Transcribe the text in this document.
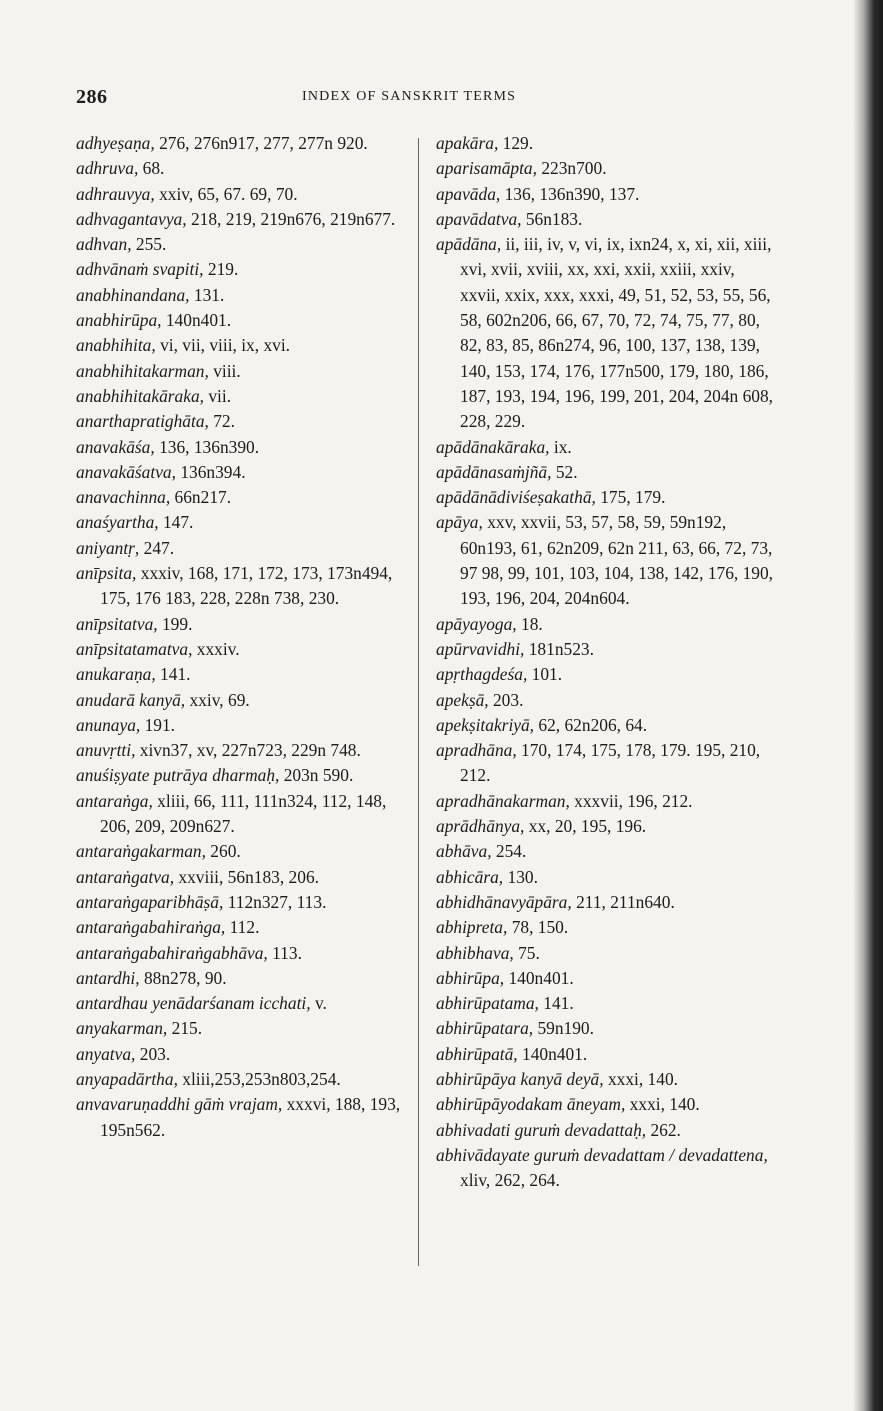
286	INDEX OF SANSKRIT TERMS
adhyeṣaṇa, 276, 276n917, 277, 277n 920.
adhruva, 68.
adhrauvya, xxiv, 65, 67. 69, 70.
adhvagantavya, 218, 219, 219n676, 219n677.
adhvan, 255.
adhvānaṁ svapiti, 219.
anabhinandana, 131.
anabhirūpa, 140n401.
anabhihita, vi, vii, viii, ix, xvi.
anabhihitakarman, viii.
anabhihitakāraka, vii.
anarthapratighāta, 72.
anavakāśa, 136, 136n390.
anavakāśatva, 136n394.
anavachinna, 66n217.
anaśyartha, 147.
aniyantṛ, 247.
anīpsita, xxxiv, 168, 171, 172, 173, 173n494, 175, 176 183, 228, 228n 738, 230.
anīpsitatva, 199.
anīpsitatamatva, xxxiv.
anukaraṇa, 141.
anudarā kanyā, xxiv, 69.
anunaya, 191.
anuvṛtti, xivn37, xv, 227n723, 229n 748.
anuśiṣyate putrāya dharmaḥ, 203n 590.
antaraṅga, xliii, 66, 111, 111n324, 112, 148, 206, 209, 209n627.
antaraṅgakarman, 260.
antaraṅgatva, xxviii, 56n183, 206.
antaraṅgaparibhāṣā, 112n327, 113.
antaraṅgabahiraṅga, 112.
antaraṅgabahiraṅgabhāva, 113.
antardhi, 88n278, 90.
antardhau yenādarśanam icchati, v.
anyakarman, 215.
anyatva, 203.
anyapadārtha, xliii,253,253n803,254.
anvavaruṇaddhi gāṁ vrajam, xxxvi, 188, 193, 195n562.
apakāra, 129.
aparisamāpta, 223n700.
apavāda, 136, 136n390, 137.
apavādatva, 56n183.
apādāna, ii, iii, iv, v, vi, ix, ixn24, x, xi, xii, xiii, xvi, xvii, xviii, xx, xxi, xxii, xxiii, xxiv, xxvii, xxix, xxx, xxxi, 49, 51, 52, 53, 55, 56, 58, 602n206, 66, 67, 70, 72, 74, 75, 77, 80, 82, 83, 85, 86n274, 96, 100, 137, 138, 139, 140, 153, 174, 176, 177n500, 179, 180, 186, 187, 193, 194, 196, 199, 201, 204, 204n 608, 228, 229.
apādānakāraka, ix.
apādānasaṁjñā, 52.
apādānādiviśeṣakathā, 175, 179.
apāya, xxv, xxvii, 53, 57, 58, 59, 59n192, 60n193, 61, 62n209, 62n 211, 63, 66, 72, 73, 97 98, 99, 101, 103, 104, 138, 142, 176, 190, 193, 196, 204, 204n604.
apāyayoga, 18.
apūrvavidhi, 181n523.
apṛthagdeśa, 101.
apekṣā, 203.
apekṣitakriyā, 62, 62n206, 64.
apradhāna, 170, 174, 175, 178, 179. 195, 210, 212.
apradhānakarman, xxxvii, 196, 212.
aprādhānya, xx, 20, 195, 196.
abhāva, 254.
abhicāra, 130.
abhidhānavyāpāra, 211, 211n640.
abhipreta, 78, 150.
abhibhava, 75.
abhirūpa, 140n401.
abhirūpatama, 141.
abhirūpatara, 59n190.
abhirūpatā, 140n401.
abhirūpāya kanyā deyā, xxxi, 140.
abhirūpāyodakam āneyam, xxxi, 140.
abhivadati guruṁ devadattaḥ, 262.
abhivādayate guruṁ devadattam / devadattena, xliv, 262, 264.
